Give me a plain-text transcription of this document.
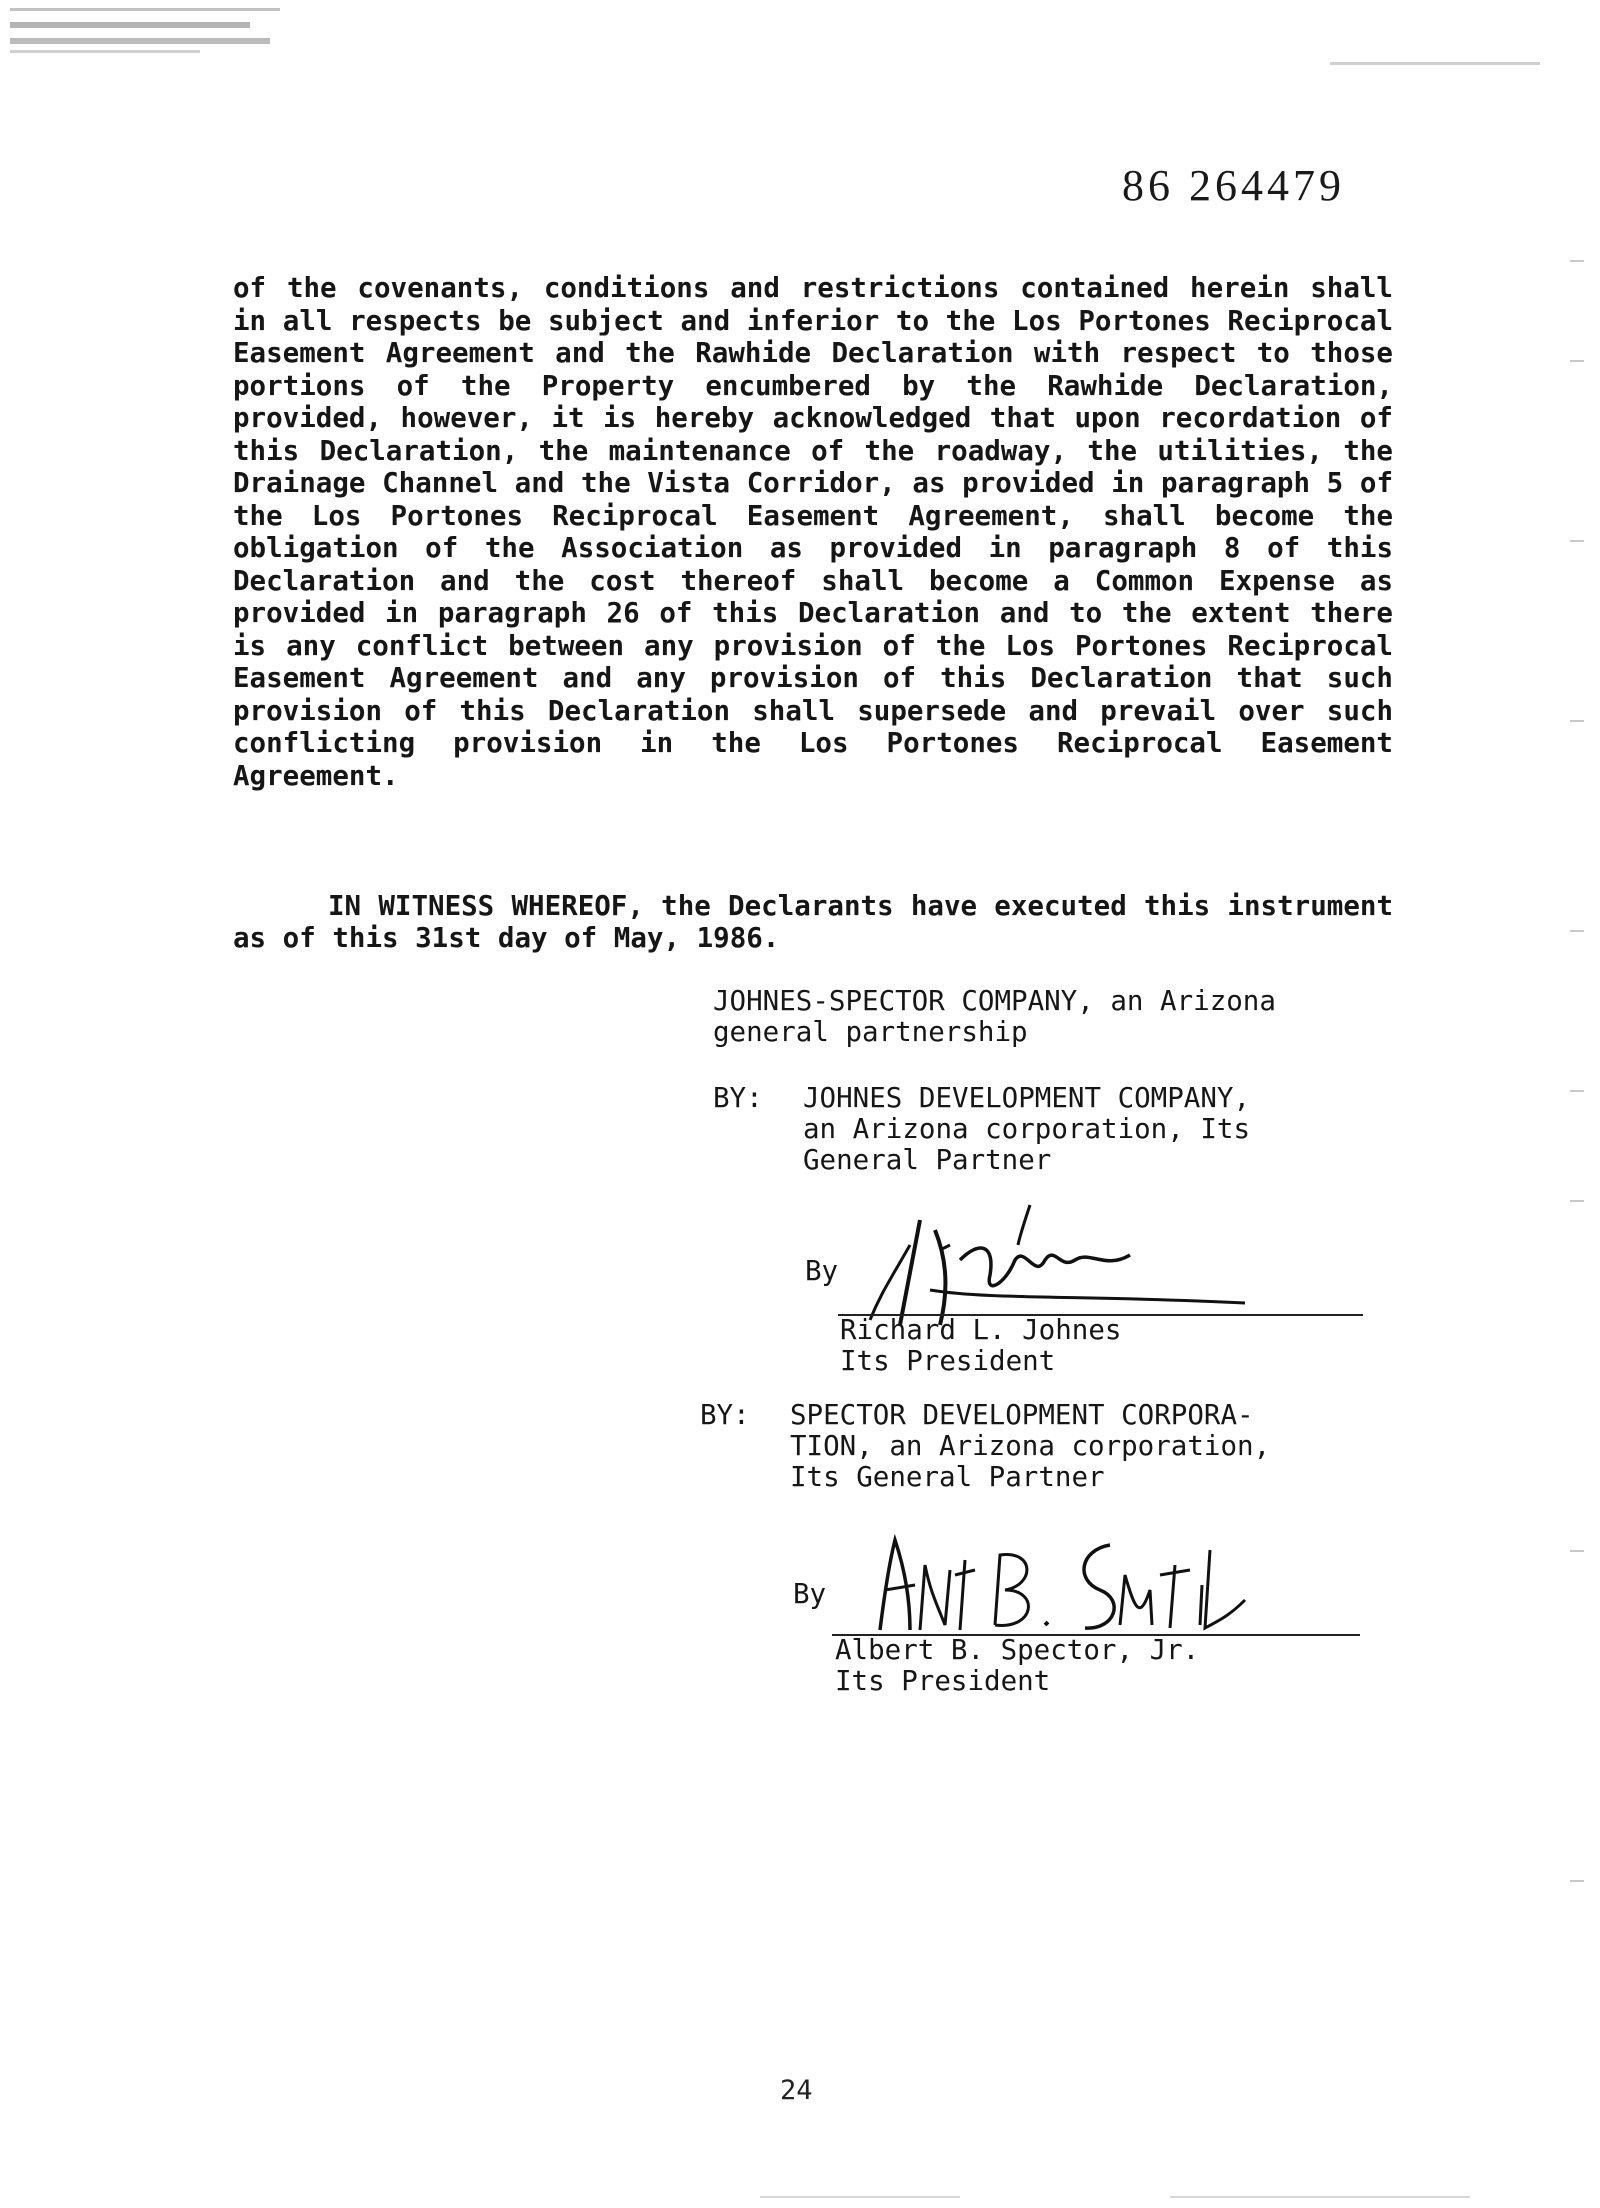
86 264479
of the covenants, conditions and restrictions contained herein shall in all respects be subject and inferior to the Los Portones Reciprocal Easement Agreement and the Rawhide Declaration with respect to those portions of the Property encumbered by the Rawhide Declaration, provided, however, it is hereby acknowledged that upon recordation of this Declaration, the maintenance of the roadway, the utilities, the Drainage Channel and the Vista Corridor, as provided in paragraph 5 of the Los Portones Reciprocal Easement Agreement, shall become the obligation of the Association as provided in paragraph 8 of this Declaration and the cost thereof shall become a Common Expense as provided in paragraph 26 of this Declaration and to the extent there is any conflict between any provision of the Los Portones Reciprocal Easement Agreement and any provision of this Declaration that such provision of this Declaration shall supersede and prevail over such conflicting provision in the Los Portones Reciprocal Easement Agreement.
IN WITNESS WHEREOF, the Declarants have executed this instrument as of this 31st day of May, 1986.
JOHNES-SPECTOR COMPANY, an Arizona
general partnership
BY: JOHNES DEVELOPMENT COMPANY,
an Arizona corporation, Its
General Partner
By
Richard L. Johnes
Its President
BY: SPECTOR DEVELOPMENT CORPORA-
TION, an Arizona corporation,
Its General Partner
By
Albert B. Spector, Jr.
Its President
24
